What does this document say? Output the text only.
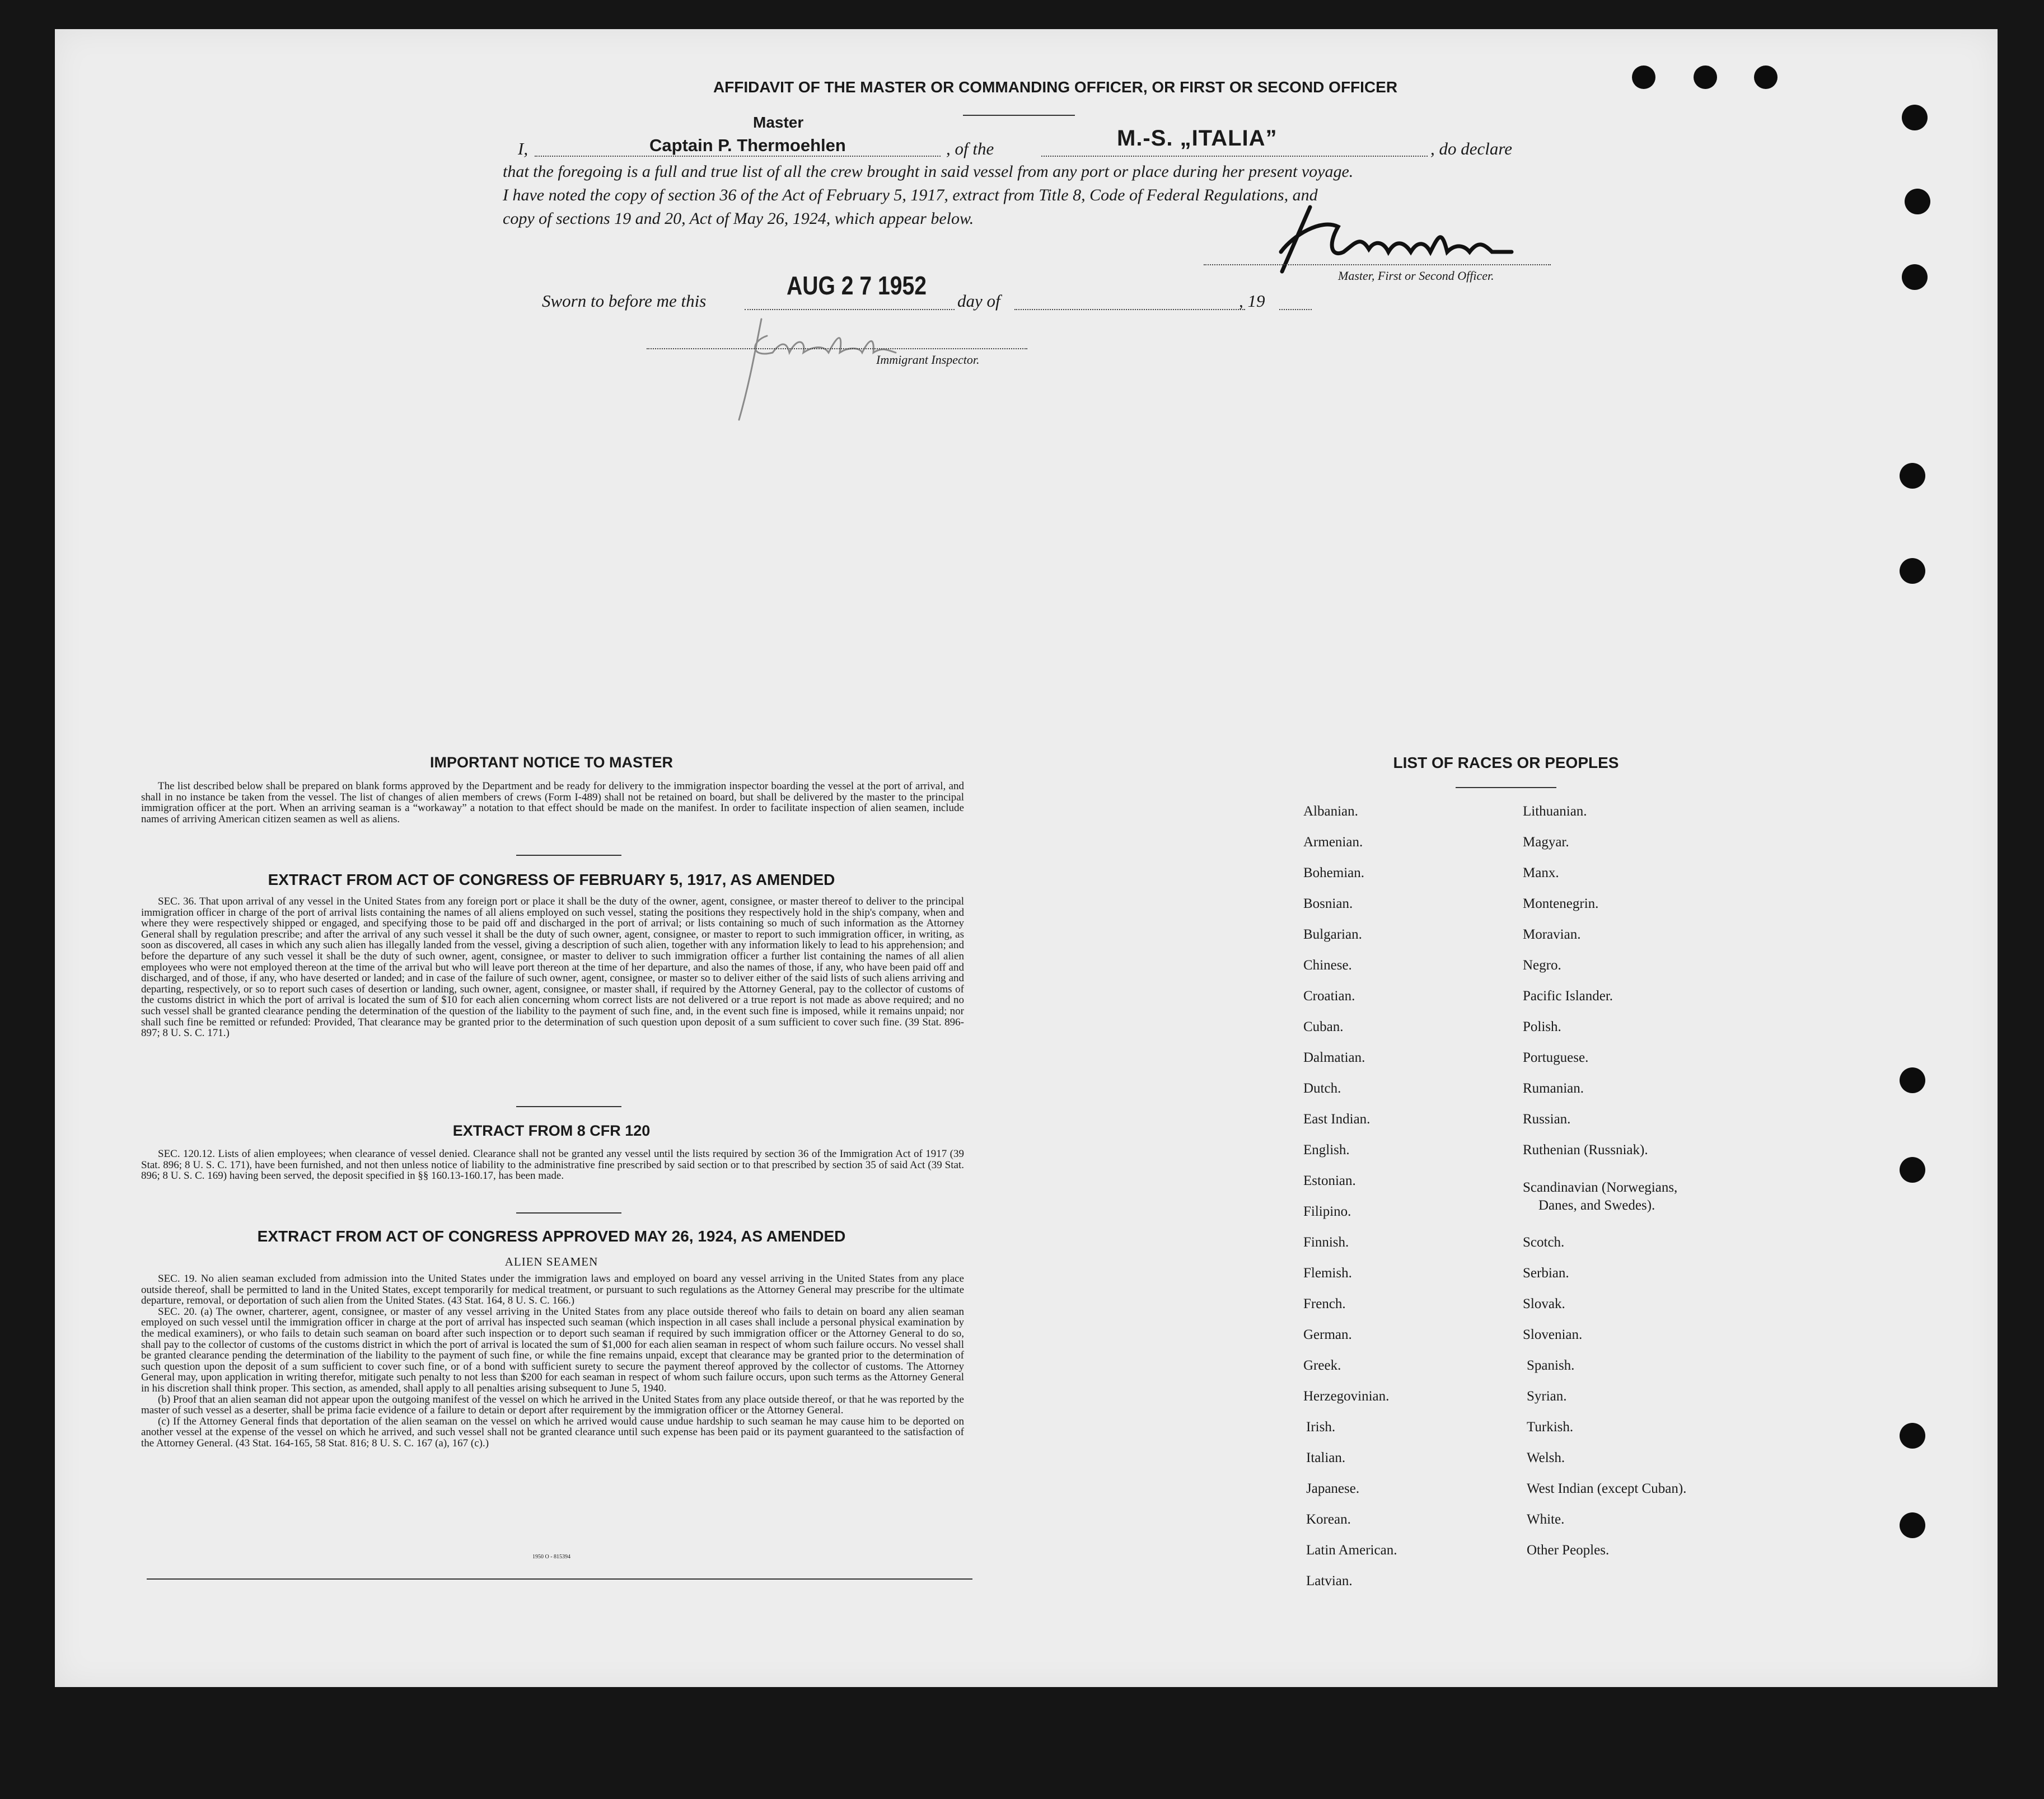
AFFIDAVIT OF THE MASTER OR COMMANDING OFFICER, OR FIRST OR SECOND OFFICER
Master
Captain P. Thermoehlen
I,	, of the	, do declare
M.-S. „ITALIA”
that the foregoing is a full and true list of all the crew brought in said vessel from any port or place during her present voyage.
I have noted the copy of section 36 of the Act of February 5, 1917, extract from Title 8, Code of Federal Regulations, and
copy of sections 19 and 20, Act of May 26, 1924, which appear below.
Master, First or Second Officer.
Sworn to before me this
AUG 2 7 1952
day of	, 19
Immigrant Inspector.
IMPORTANT NOTICE TO MASTER

The list described below shall be prepared on blank forms approved by the Department and be ready for delivery to the immigration inspector boarding the vessel at the port of arrival, and shall in no instance be taken from the vessel. The list of changes of alien members of crews (Form I-489) shall not be retained on board, but shall be delivered by the master to the principal immigration officer at the port. When an arriving seaman is a “workaway” a notation to that effect should be made on the manifest. In order to facilitate inspection of alien seamen, include names of arriving American citizen seamen as well as aliens.

EXTRACT FROM ACT OF CONGRESS OF FEBRUARY 5, 1917, AS AMENDED

SEC. 36. That upon arrival of any vessel in the United States from any foreign port or place it shall be the duty of the owner, agent, consignee, or master thereof to deliver to the principal immigration officer in charge of the port of arrival lists containing the names of all aliens employed on such vessel, stating the positions they respectively hold in the ship's company, when and where they were respectively shipped or engaged, and specifying those to be paid off and discharged in the port of arrival; or lists containing so much of such information as the Attorney General shall by regulation prescribe; and after the arrival of any such vessel it shall be the duty of such owner, agent, consignee, or master to report to such immigration officer, in writing, as soon as discovered, all cases in which any such alien has illegally landed from the vessel, giving a description of such alien, together with any information likely to lead to his apprehension; and before the departure of any such vessel it shall be the duty of such owner, agent, consignee, or master to deliver to such immigration officer a further list containing the names of all alien employees who were not employed thereon at the time of the arrival but who will leave port thereon at the time of her departure, and also the names of those, if any, who have been paid off and discharged, and of those, if any, who have deserted or landed; and in case of the failure of such owner, agent, consignee, or master so to deliver either of the said lists of such aliens arriving and departing, respectively, or so to report such cases of desertion or landing, such owner, agent, consignee, or master shall, if required by the Attorney General, pay to the collector of customs of the customs district in which the port of arrival is located the sum of $10 for each alien concerning whom correct lists are not delivered or a true report is not made as above required; and no such vessel shall be granted clearance pending the determination of the question of the liability to the payment of such fine, and, in the event such fine is imposed, while it remains unpaid; nor shall such fine be remitted or refunded: Provided, That clearance may be granted prior to the determination of such question upon deposit of a sum sufficient to cover such fine. (39 Stat. 896-897; 8 U. S. C. 171.)

EXTRACT FROM 8 CFR 120

SEC. 120.12. Lists of alien employees; when clearance of vessel denied. Clearance shall not be granted any vessel until the lists required by section 36 of the Immigration Act of 1917 (39 Stat. 896; 8 U. S. C. 171), have been furnished, and not then unless notice of liability to the administrative fine prescribed by said section or to that prescribed by section 35 of said Act (39 Stat. 896; 8 U. S. C. 169) having been served, the deposit specified in §§ 160.13-160.17, has been made.

EXTRACT FROM ACT OF CONGRESS APPROVED MAY 26, 1924, AS AMENDED
ALIEN SEAMEN

SEC. 19. No alien seaman excluded from admission into the United States under the immigration laws and employed on board any vessel arriving in the United States from any place outside thereof, shall be permitted to land in the United States, except temporarily for medical treatment, or pursuant to such regulations as the Attorney General may prescribe for the ultimate departure, removal, or deportation of such alien from the United States. (43 Stat. 164, 8 U. S. C. 166.)

SEC. 20. (a) The owner, charterer, agent, consignee, or master of any vessel arriving in the United States from any place outside thereof who fails to detain on board any alien seaman employed on such vessel until the immigration officer in charge at the port of arrival has inspected such seaman (which inspection in all cases shall include a personal physical examination by the medical examiners), or who fails to detain such seaman on board after such inspection or to deport such seaman if required by such immigration officer or the Attorney General to do so, shall pay to the collector of customs of the customs district in which the port of arrival is located the sum of $1,000 for each alien seaman in respect of whom such failure occurs. No vessel shall be granted clearance pending the determination of the liability to the payment of such fine, or while the fine remains unpaid, except that clearance may be granted prior to the determination of such question upon the deposit of a sum sufficient to cover such fine, or of a bond with sufficient surety to secure the payment thereof approved by the collector of customs. The Attorney General may, upon application in writing therefor, mitigate such penalty to not less than $200 for each seaman in respect of whom such failure occurs, upon such terms as the Attorney General in his discretion shall think proper. This section, as amended, shall apply to all penalties arising subsequent to June 5, 1940.

(b) Proof that an alien seaman did not appear upon the outgoing manifest of the vessel on which he arrived in the United States from any place outside thereof, or that he was reported by the master of such vessel as a deserter, shall be prima facie evidence of a failure to detain or deport after requirement by the immigration officer or the Attorney General.

(c) If the Attorney General finds that deportation of the alien seaman on the vessel on which he arrived would cause undue hardship to such seaman he may cause him to be deported on another vessel at the expense of the vessel on which he arrived, and such vessel shall not be granted clearance until such expense has been paid or its payment guaranteed to the satisfaction of the Attorney General. (43 Stat. 164-165, 58 Stat. 816; 8 U. S. C. 167 (a), 167 (c).)

1950 O - 815394
LIST OF RACES OR PEOPLES
Albanian.
Armenian.
Bohemian.
Bosnian.
Bulgarian.
Chinese.
Croatian.
Cuban.
Dalmatian.
Dutch.
East Indian.
English.
Estonian.
Filipino.
Finnish.
Flemish.
French.
German.
Greek.
Herzegovinian.
Irish.
Italian.
Japanese.
Korean.
Latin American.
Latvian.
Lithuanian.
Magyar.
Manx.
Montenegrin.
Moravian.
Negro.
Pacific Islander.
Polish.
Portuguese.
Rumanian.
Russian.
Ruthenian (Russniak).
Scandinavian (Norwegians,
Danes, and Swedes).
Scotch.
Serbian.
Slovak.
Slovenian.
Spanish.
Syrian.
Turkish.
Welsh.
West Indian (except Cuban).
White.
Other Peoples.
